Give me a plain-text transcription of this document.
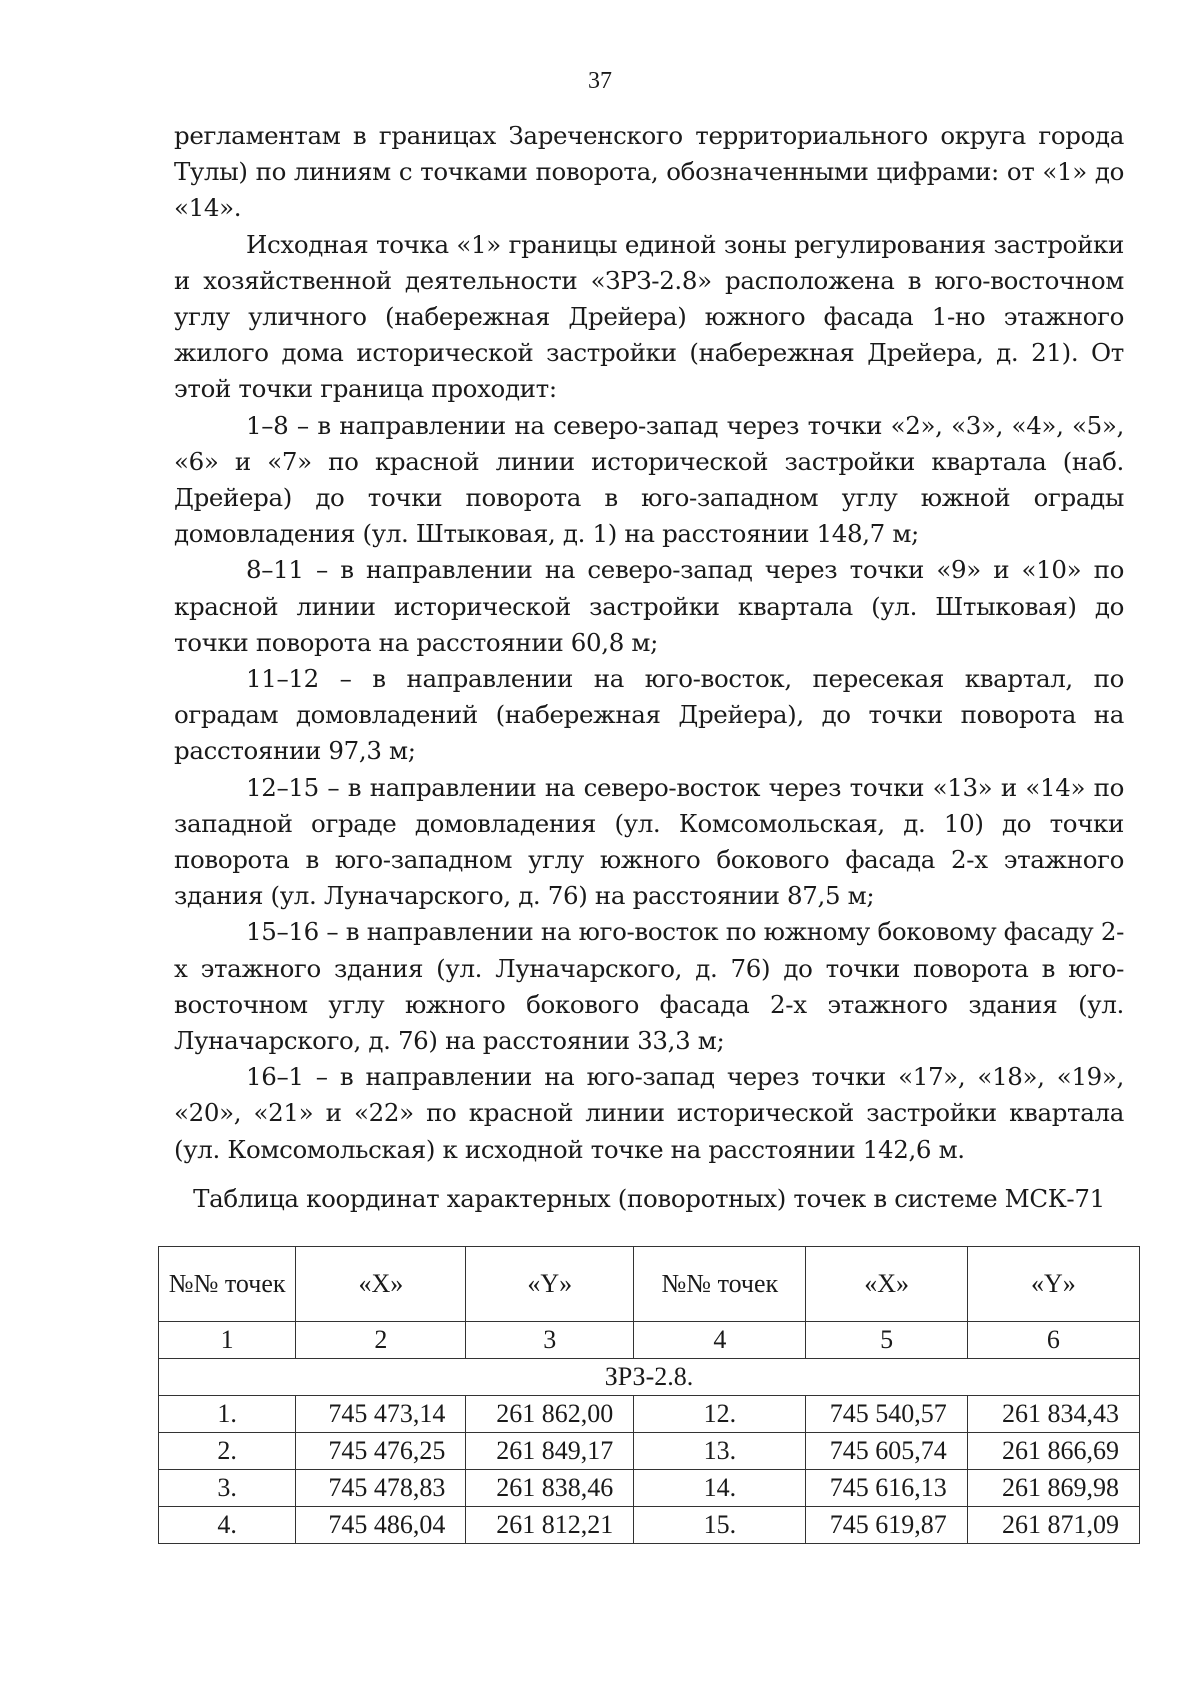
37

регламентам в границах Зареченского территориального округа города Тулы) по линиям с точками поворота, обозначенными цифрами: от «1» до «14».

Исходная точка «1» границы единой зоны регулирования застройки и хозяйственной деятельности «ЗРЗ-2.8» расположена в юго-восточном углу уличного (набережная Дрейера) южного фасада 1-но этажного жилого дома исторической застройки (набережная Дрейера, д. 21). От этой точки граница проходит:

1–8 – в направлении на северо-запад через точки «2», «3», «4», «5», «6» и «7» по красной линии исторической застройки квартала (наб. Дрейера) до точки поворота в юго-западном углу южной ограды домовладения (ул. Штыковая, д. 1) на расстоянии 148,7 м;

8–11 – в направлении на северо-запад через точки «9» и «10» по красной линии исторической застройки квартала (ул. Штыковая) до точки поворота на расстоянии 60,8 м;

11–12 – в направлении на юго-восток, пересекая квартал, по оградам домовладений (набережная Дрейера), до точки поворота на расстоянии 97,3 м;

12–15 – в направлении на северо-восток через точки «13» и «14» по западной ограде домовладения (ул. Комсомольская, д. 10) до точки поворота в юго-западном углу южного бокового фасада 2-х этажного здания (ул. Луначарского, д. 76) на расстоянии 87,5 м;

15–16 – в направлении на юго-восток по южному боковому фасаду 2-х этажного здания (ул. Луначарского, д. 76) до точки поворота в юго-восточном углу южного бокового фасада 2-х этажного здания (ул. Луначарского, д. 76) на расстоянии 33,3 м;

16–1 – в направлении на юго-запад через точки «17», «18», «19», «20», «21» и «22» по красной линии исторической застройки квартала (ул. Комсомольская) к исходной точке на расстоянии 142,6 м.

Таблица координат характерных (поворотных) точек в системе МСК-71
№№ точек	«X»	«Y»	№№ точек	«X»	«Y»
1	2	3	4	5	6
ЗРЗ-2.8.					
1.	745 473,14	261 862,00	12.	745 540,57	261 834,43
2.	745 476,25	261 849,17	13.	745 605,74	261 866,69
3.	745 478,83	261 838,46	14.	745 616,13	261 869,98
4.	745 486,04	261 812,21	15.	745 619,87	261 871,09
